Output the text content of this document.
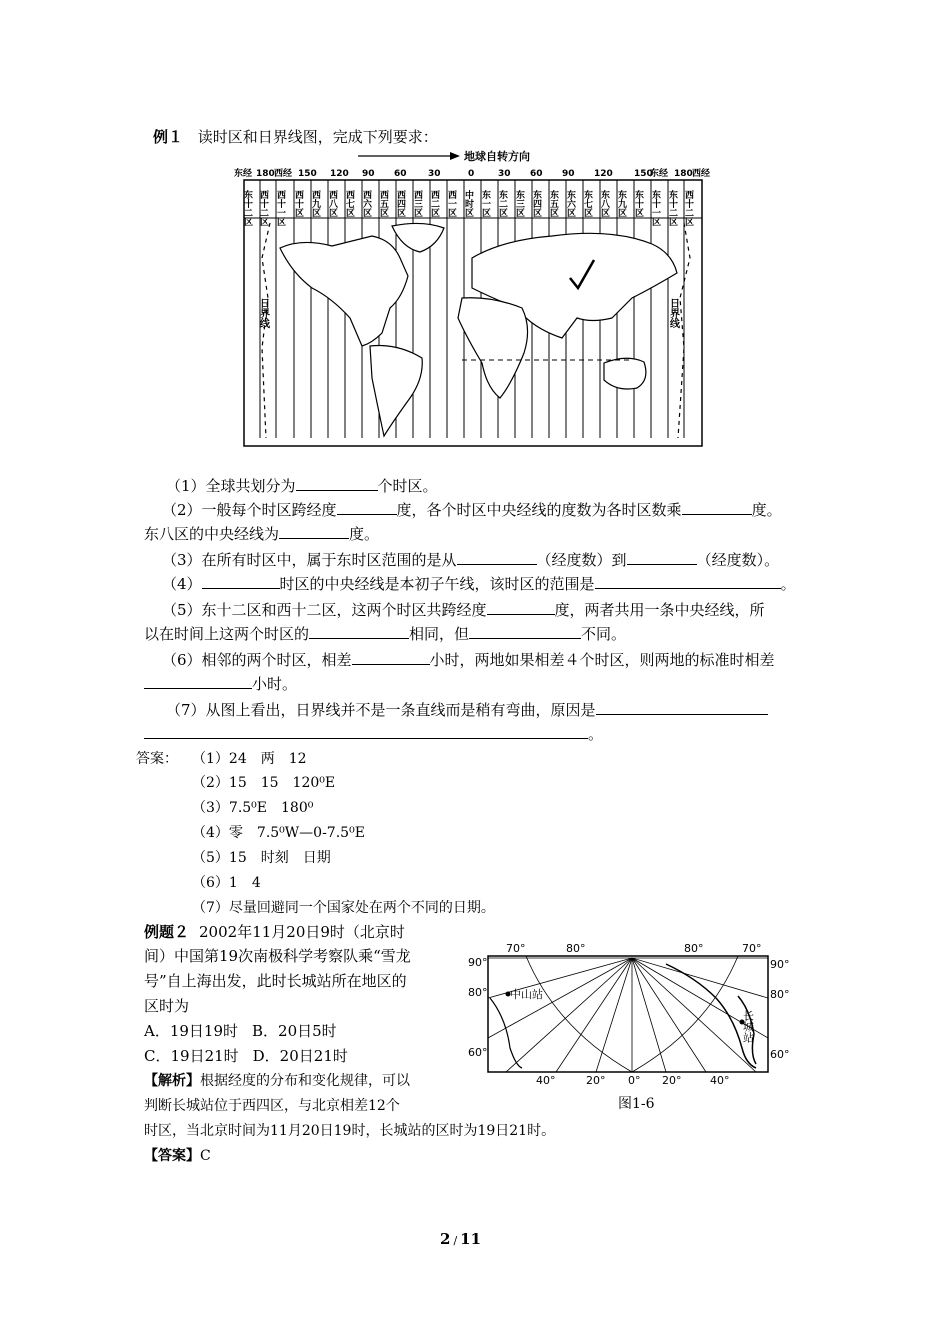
例１ 读时区和日界线图，完成下列要求：
地球自转方向
东经 180 西经 150 120 90 60 30	0	30 60 90 120 150
东经 180 西经
东十二区 西十二区 西十一区 西十区 西九区 西八区 西七区 西六区 西五区 西四区 西三区 西二区 西一区 中时区 东一区 东二区 东三区 东四区 东五区 东六区 东七区 东八区 东九区 东十区 东十一区 东十二区 西十二区
日界线	日界线
（1）全球共划分为	个时区。
（2）一般每个时区跨经度	度，各个时区中央经线的度数为各时区数乘	度。
东八区的中央经线为	度。
（3）在所有时区中，属于东时区范围的是从	（经度数）到	（经度数）。
（4）	时区的中央经线是本初子午线，该时区的范围是	。
（5）东十二区和西十二区，这两个时区共跨经度	度，两者共用一条中央经线，所
以在时间上这两个时区的	相同，但	不同。
（6）相邻的两个时区，相差	小时，两地如果相差４个时区，则两地的标准时相差
小时。
（7）从图上看出，日界线并不是一条直线而是稍有弯曲，原因是
。
答案： （1）24　两　12
（2）15　15　120⁰E
（3）7.5⁰E　180⁰
（4）零　7.5⁰W—0-7.5⁰E
（5）15　时刻　日期
（6）1　4
（7）尽量回避同一个国家处在两个不同的日期。
例题２ 2002年11月20日9时（北京时
间）中国第19次南极科学考察队乘“雪龙
号”自上海出发，此时长城站所在地区的
区时为
A．19日19时 B．20日5时
C．19日21时 D．20日21时
【解析】根据经度的分布和变化规律，可以
判断长城站位于西四区，与北京相差12个
时区，当北京时间为11月20日19时，长城站的区时为19日21时。
【答案】C
70°	80°	80°	70°
90°
80°
60°
90°
80°
60°
40°	20° 0° 20°	40°
中山站
长城站
图1-6
2 / 11
